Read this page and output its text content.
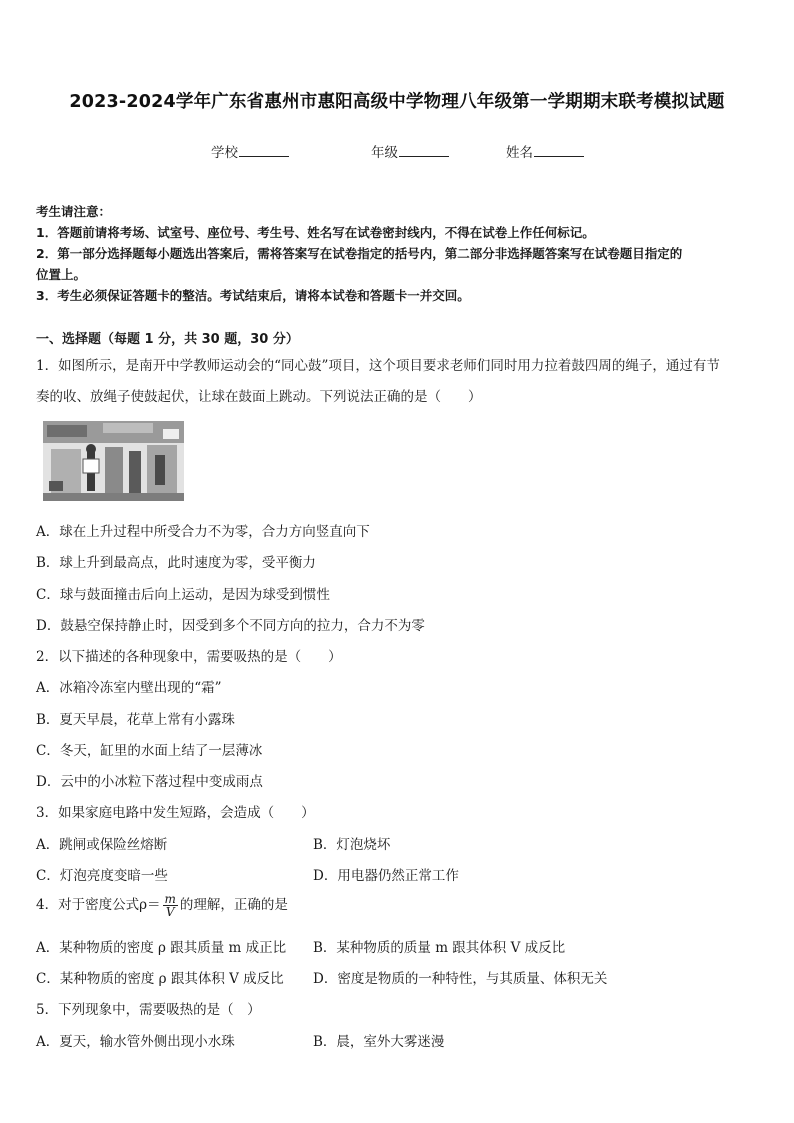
2023-2024学年广东省惠州市惠阳高级中学物理八年级第一学期期末联考模拟试题
学校	年级	姓名
考生请注意：
1．答题前请将考场、试室号、座位号、考生号、姓名写在试卷密封线内，不得在试卷上作任何标记。
2．第一部分选择题每小题选出答案后，需将答案写在试卷指定的括号内，第二部分非选择题答案写在试卷题目指定的
位置上。
3．考生必须保证答题卡的整洁。考试结束后，请将本试卷和答题卡一并交回。
一、选择题（每题 1 分，共 30 题，30 分）
1．如图所示，是南开中学教师运动会的“同心鼓”项目，这个项目要求老师们同时用力拉着鼓四周的绳子，通过有节
奏的收、放绳子使鼓起伏，让球在鼓面上跳动。下列说法正确的是（　　）
A．球在上升过程中所受合力不为零，合力方向竖直向下
B．球上升到最高点，此时速度为零，受平衡力
C．球与鼓面撞击后向上运动，是因为球受到惯性
D．鼓悬空保持静止时，因受到多个不同方向的拉力，合力不为零
2．以下描述的各种现象中，需要吸热的是（　　）
A．冰箱冷冻室内壁出现的“霜”
B．夏天早晨，花草上常有小露珠
C．冬天，缸里的水面上结了一层薄冰
D．云中的小冰粒下落过程中变成雨点
3．如果家庭电路中发生短路，会造成（　　）
A．跳闸或保险丝熔断	B．灯泡烧坏
C．灯泡亮度变暗一些	D．用电器仍然正常工作
4．对于密度公式$\rho= \frac{m}{V}$ 的理解，正确的是
A．某种物质的密度 ρ 跟其质量 m 成正比 B．某种物质的质量 m 跟其体积 V 成反比
C．某种物质的密度 ρ 跟其体积 V 成反比 D．密度是物质的一种特性，与其质量、体积无关
5．下列现象中，需要吸热的是（　）
A．夏天，输水管外侧出现小水珠	B．晨，室外大雾迷漫
